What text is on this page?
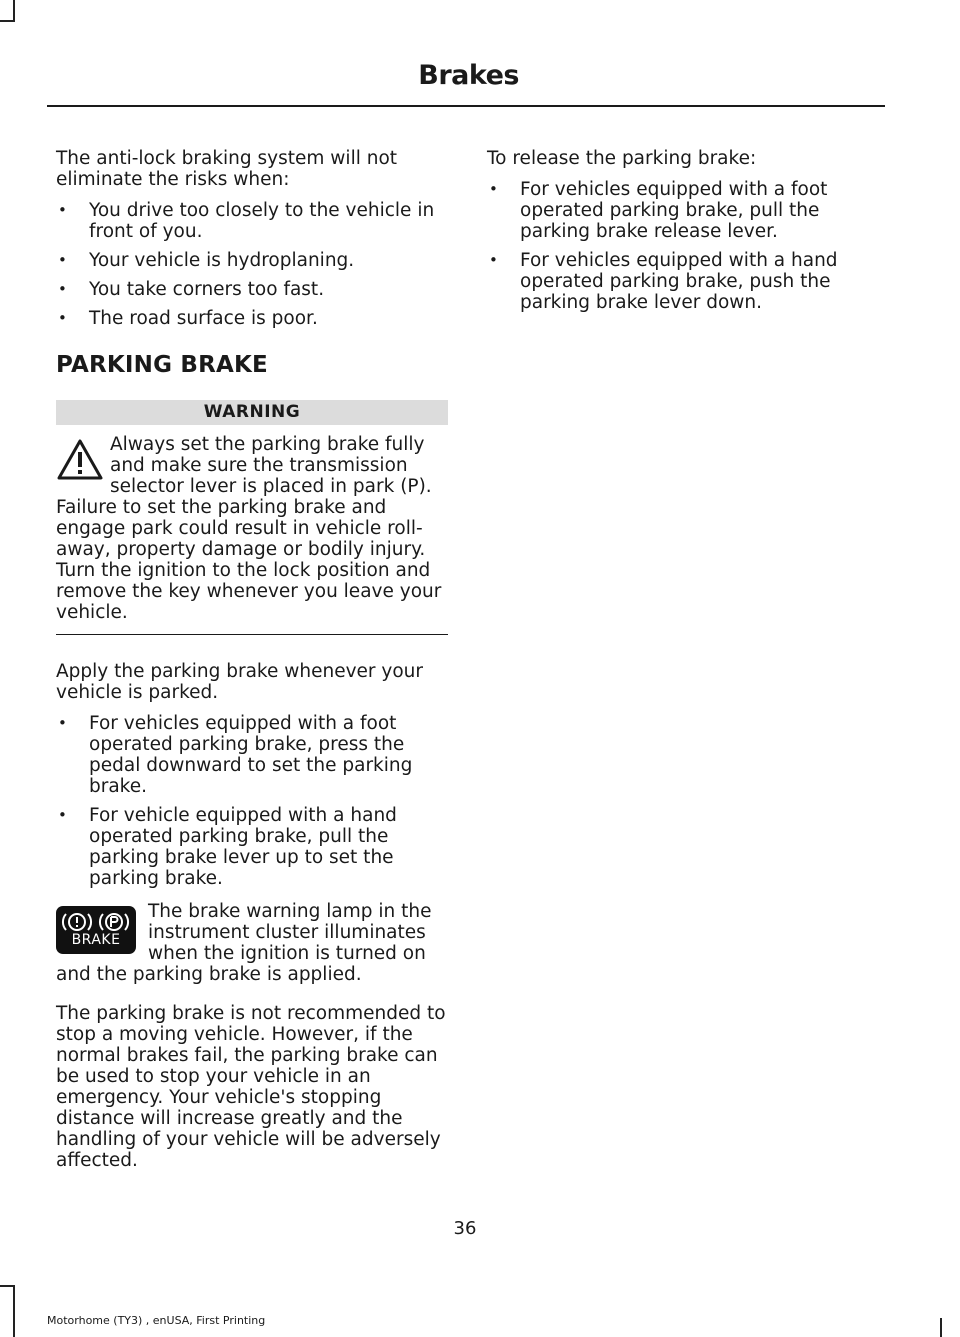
Brakes

The anti-lock braking system will not eliminate the risks when:

• You drive too closely to the vehicle in front of you.
• Your vehicle is hydroplaning.
• You take corners too fast.
• The road surface is poor.
PARKING BRAKE
WARNING
Always set the parking brake fully and make sure the transmission selector lever is placed in park (P). Failure to set the parking brake and engage park could result in vehicle roll-away, property damage or bodily injury. Turn the ignition to the lock position and remove the key whenever you leave your vehicle.

Apply the parking brake whenever your vehicle is parked.

• For vehicles equipped with a foot operated parking brake, press the pedal downward to set the parking brake.
• For vehicle equipped with a hand operated parking brake, pull the parking brake lever up to set the parking brake.
BRAKE
The brake warning lamp in the instrument cluster illuminates when the ignition is turned on and the parking brake is applied.

The parking brake is not recommended to stop a moving vehicle. However, if the normal brakes fail, the parking brake can be used to stop your vehicle in an emergency. Your vehicle's stopping distance will increase greatly and the handling of your vehicle will be adversely affected.

To release the parking brake:

• For vehicles equipped with a foot operated parking brake, pull the parking brake release lever.
• For vehicles equipped with a hand operated parking brake, push the parking brake lever down.
36
Motorhome (TY3) , enUSA, First Printing
